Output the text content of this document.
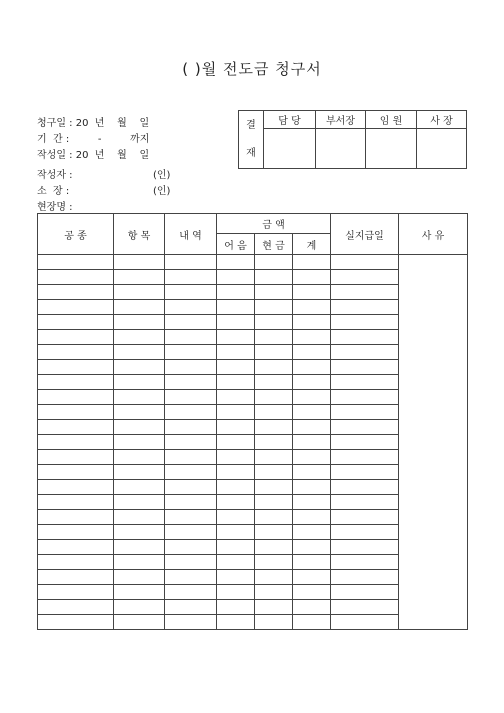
( )월 전도금 청구서
청구일 : 20  년    월    일
기  간 :         -         까지
작성일 : 20  년    월    일
작성자 :	(인)
소  장 :	(인)
현장명 :
결
재	담 당	부서장	임 원	사 장

공 종	항 목	내 역	금 액			실지급일	사 유
			어 음	현 금	계		
